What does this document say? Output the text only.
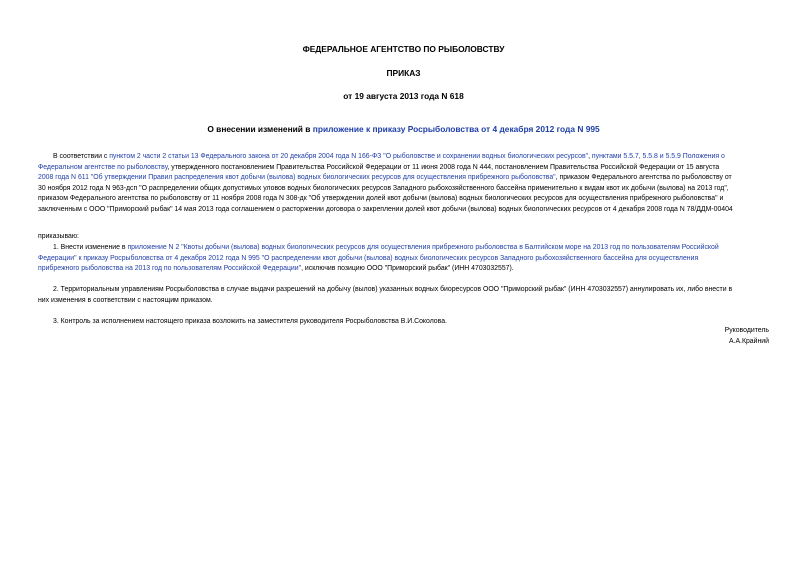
ФЕДЕРАЛЬНОЕ АГЕНТСТВО ПО РЫБОЛОВСТВУ
ПРИКАЗ
от 19 августа 2013 года N 618
О внесении изменений в приложение к приказу Росрыболовства от 4 декабря 2012 года N 995
В соответствии с пунктом 2 части 2 статьи 13 Федерального закона от 20 декабря 2004 года N 166-ФЗ "О рыболовстве и сохранении водных биологических ресурсов", пунктами 5.5.7, 5.5.8 и 5.5.9 Положения о
Федеральном агентстве по рыболовству, утвержденного постановлением Правительства Российской Федерации от 11 июня 2008 года N 444, постановлением Правительства Российской Федерации от 15 августа
2008 года N 611 "Об утверждении Правил распределения квот добычи (вылова) водных биологических ресурсов для осуществления прибрежного рыболовства", приказом Федерального агентства по рыболовству от
30 ноября 2012 года N 963-дсп "О распределении общих допустимых уловов водных биологических ресурсов Западного рыбохозяйственного бассейна применительно к видам квот их добычи (вылова) на 2013 год",
приказом Федерального агентства по рыболовству от 11 ноября 2008 года N 308-дк "Об утверждении долей квот добычи (вылова) водных биологических ресурсов для осуществления прибрежного рыболовства" и
заключенным с ООО "Приморский рыбак" 14 мая 2013 года соглашением о расторжении договора о закреплении долей квот добычи (вылова) водных биологических ресурсов от 4 декабря 2008 года N 78/ДДМ-00404
приказываю:
1. Внести изменение в приложение N 2 "Квоты добычи (вылова) водных биологических ресурсов для осуществления прибрежного рыболовства в Балтийском море на 2013 год по пользователям Российской
Федерации" к приказу Росрыболовства от 4 декабря 2012 года N 995 "О распределении квот добычи (вылова) водных биологических ресурсов Западного рыбохозяйственного бассейна для осуществления
прибрежного рыболовства на 2013 год по пользователям Российской Федерации", исключив позицию ООО "Приморский рыбак" (ИНН 4703032557).
2. Территориальным управлениям Росрыболовства в случае выдачи разрешений на добычу (вылов) указанных водных биоресурсов ООО "Приморский рыбак" (ИНН 4703032557) аннулировать их, либо внести в
них изменения в соответствии с настоящим приказом.
3. Контроль за исполнением настоящего приказа возложить на заместителя руководителя Росрыболовства В.И.Соколова.
Руководитель
А.А.Крайний
